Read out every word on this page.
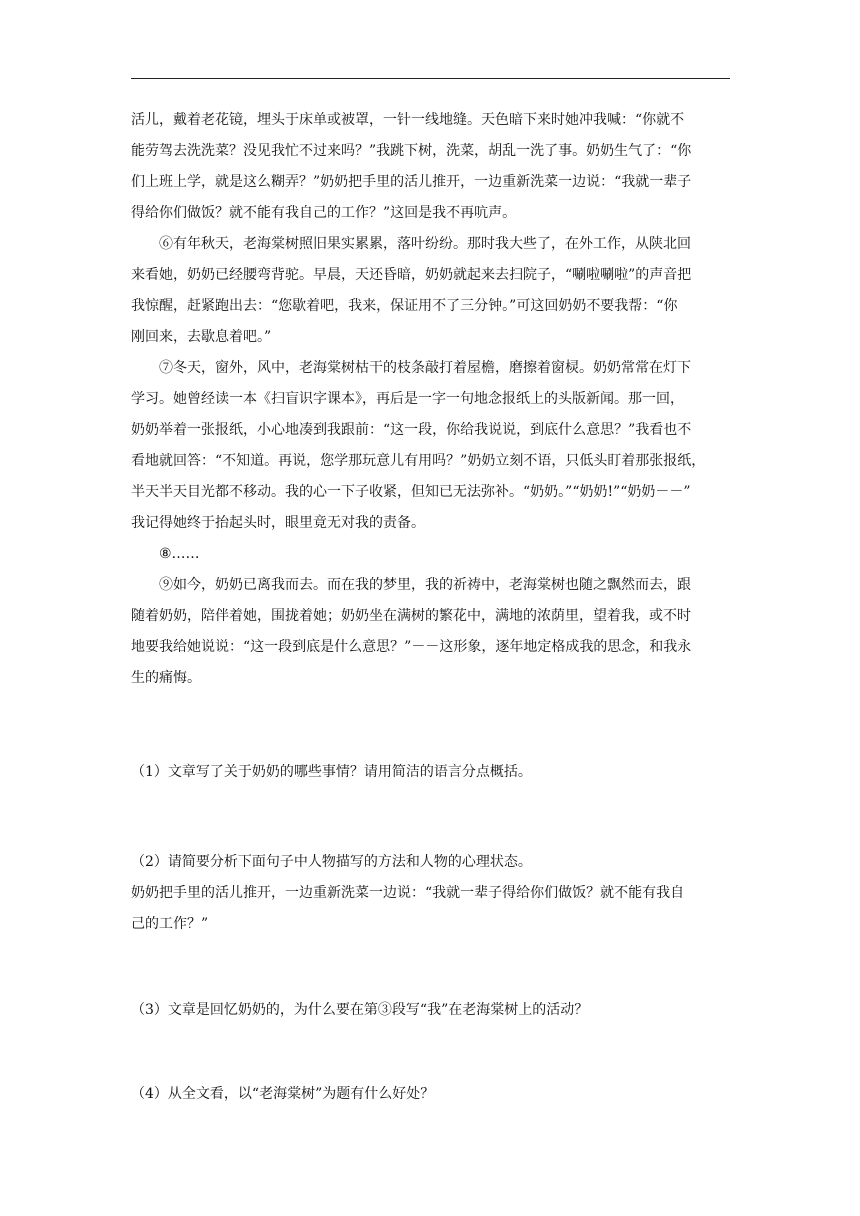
活儿，戴着老花镜，埋头于床单或被罩，一针一线地缝。天色暗下来时她冲我喊：“你就不
能劳驾去洗洗菜？没见我忙不过来吗？”我跳下树，洗菜，胡乱一洗了事。奶奶生气了：“你
们上班上学，就是这么糊弄？”奶奶把手里的活儿推开，一边重新洗菜一边说：“我就一辈子
得给你们做饭？就不能有我自己的工作？”这回是我不再吭声。
⑥有年秋天，老海棠树照旧果实累累，落叶纷纷。那时我大些了，在外工作，从陕北回
来看她，奶奶已经腰弯背驼。早晨，天还昏暗，奶奶就起来去扫院子，“唰啦唰啦”的声音把
我惊醒，赶紧跑出去：“您歇着吧，我来，保证用不了三分钟。”可这回奶奶不要我帮：“你
刚回来，去歇息着吧。”
⑦冬天，窗外，风中，老海棠树枯干的枝条敲打着屋檐，磨擦着窗棂。奶奶常常在灯下
学习。她曾经读一本《扫盲识字课本》，再后是一字一句地念报纸上的头版新闻。那一回，
奶奶举着一张报纸，小心地凑到我跟前：“这一段，你给我说说，到底什么意思？”我看也不
看地就回答：“不知道。再说，您学那玩意儿有用吗？”奶奶立刻不语，只低头盯着那张报纸，
半天半天目光都不移动。我的心一下子收紧，但知已无法弥补。“奶奶。”“奶奶!”“奶奶－－”
我记得她终于抬起头时，眼里竟无对我的责备。
⑧……
⑨如今，奶奶已离我而去。而在我的梦里，我的祈祷中，老海棠树也随之飘然而去，跟
随着奶奶，陪伴着她，围拢着她；奶奶坐在满树的繁花中，满地的浓荫里，望着我，或不时
地要我给她说说：“这一段到底是什么意思？”－－这形象，逐年地定格成我的思念，和我永
生的痛悔。
（1）文章写了关于奶奶的哪些事情？请用简洁的语言分点概括。
（2）请简要分析下面句子中人物描写的方法和人物的心理状态。
奶奶把手里的活儿推开，一边重新洗菜一边说：“我就一辈子得给你们做饭？就不能有我自
己的工作？”
（3）文章是回忆奶奶的，为什么要在第③段写“我”在老海棠树上的活动？
（4）从全文看，以“老海棠树”为题有什么好处？
